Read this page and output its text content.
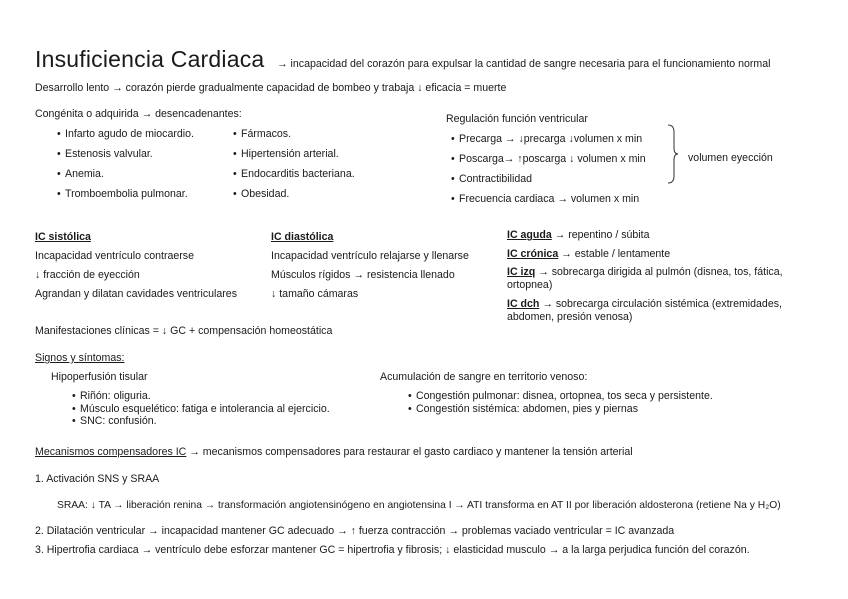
Insuficiencia Cardiaca → incapacidad del corazón para expulsar la cantidad de sangre necesaria para el funcionamiento normal
Desarrollo lento → corazón pierde gradualmente capacidad de bombeo y trabaja ↓ eficacia = muerte
Congénita o adquirida → desencadenantes:
• Infarto agudo de miocardio.
• Estenosis valvular.
• Anemia.
• Tromboembolia pulmonar.
• Fármacos.
• Hipertensión arterial.
• Endocarditis bacteriana.
• Obesidad.
Regulación función ventricular
• Precarga → ↓precarga ↓volumen x min
• Poscarga→ ↑poscarga ↓ volumen x min
• Contractibilidad
• Frecuencia cardiaca → volumen x min
volumen eyección
IC sistólica
Incapacidad ventrículo contraerse
↓ fracción de eyección
Agrandan y dilatan cavidades ventriculares
IC diastólica
Incapacidad ventrículo relajarse y llenarse
Músculos rígidos → resistencia llenado
↓ tamaño cámaras
IC aguda → repentino / súbita
IC crónica → estable / lentamente
IC izq → sobrecarga dirigida al pulmón (disnea, tos, fática, ortopnea)
IC dch → sobrecarga circulación sistémica (extremidades, abdomen, presión venosa)
Manifestaciones clínicas = ↓ GC + compensación homeostática
Signos y síntomas:
Hipoperfusión tisular
• Riñón: oliguria.
• Músculo esquelético: fatiga e intolerancia al ejercicio.
• SNC: confusión.
Acumulación de sangre en territorio venoso:
• Congestión pulmonar: disnea, ortopnea, tos seca y persistente.
• Congestión sistémica: abdomen, pies y piernas
Mecanismos compensadores IC → mecanismos compensadores para restaurar el gasto cardiaco y mantener la tensión arterial
1. Activación SNS y SRAA
SRAA: ↓ TA → liberación renina → transformación angiotensinógeno en angiotensina I → ATI transforma en AT II por liberación aldosterona (retiene Na y H₂O)
2. Dilatación ventricular → incapacidad mantener GC adecuado → ↑ fuerza contracción → problemas vaciado ventricular = IC avanzada
3. Hipertrofia cardiaca → ventrículo debe esforzar mantener GC = hipertrofia y fibrosis; ↓ elasticidad musculo → a la larga perjudica función del corazón.
